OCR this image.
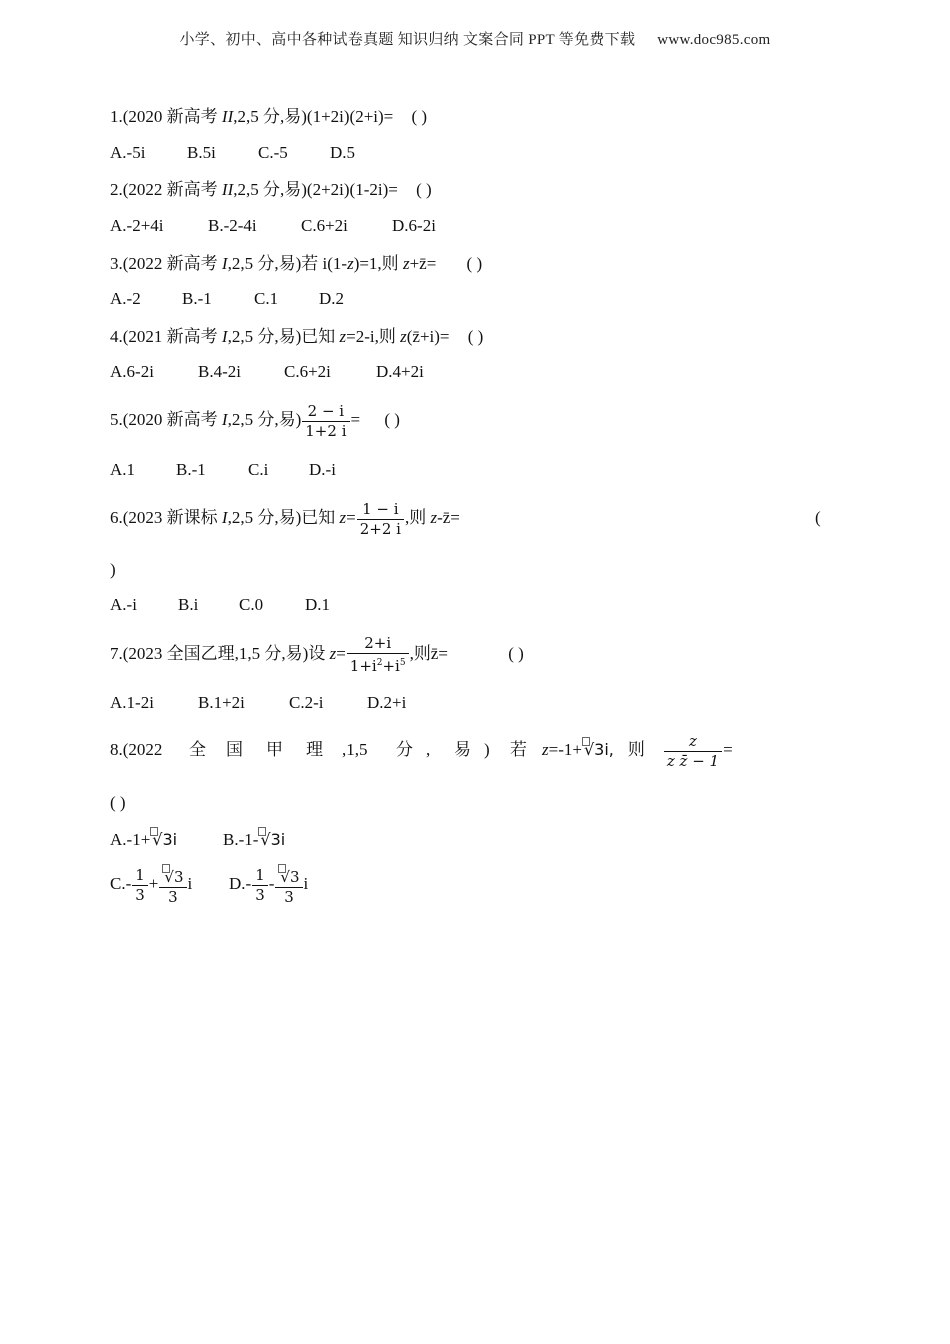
小学、初中、高中各种试卷真题 知识归纳 文案合同 PPT 等免费下载 www.doc985.com
1.(2020 新高考 II,2,5 分,易)(1+2i)(2+i)= ( )
A.-5i B.5i C.-5 D.5
2.(2022 新高考 II,2,5 分,易)(2+2i)(1-2i)= ( )
A.-2+4i	B.-2-4i	C.6+2i	D.6-2i
3.(2022 新高考 I,2,5 分,易)若 i(1-z)=1,则 z+z̄= ( )
A.-2 B.-1 C.1 D.2
4.(2021 新高考 I,2,5 分,易)已知 z=2-i,则 z(z̄+i)= ( )
A.6-2i	B.4-2i	C.6+2i	D.4+2i
5.(2020 新高考 I,2,5 分,易) $\frac{2 - i}{1+2 i}$ = ( )
A.1 B.-1 C.i D.-i
6.(2023 新课标 I,2,5 分,易)已知 $z= \frac{1 - i}{2+2 i}$ ,则 z-z̄=	(
)
A.-i B.i C.0 D.1
7.(2023 全国乙理,1,5 分,易)设 $z= \frac{2+i}{1+i^2+i^5}$ ,则z̄=	( )
A.1-2i	B.1+2i	C.2-i	D.2+i
8.(2022 全 国 甲 理 ,1,5 分 , 易 ) 若 z=-1+ √3i, 则 $\frac{z}{\text{z z̄ − 1}}$ =
( )
A.-1+ √3i	B.-1- √3i
$C.- \frac{1}{3} + \frac{√3}{3}$ i $D.- \frac{1}{3} - \frac{√3}{3}$ i
